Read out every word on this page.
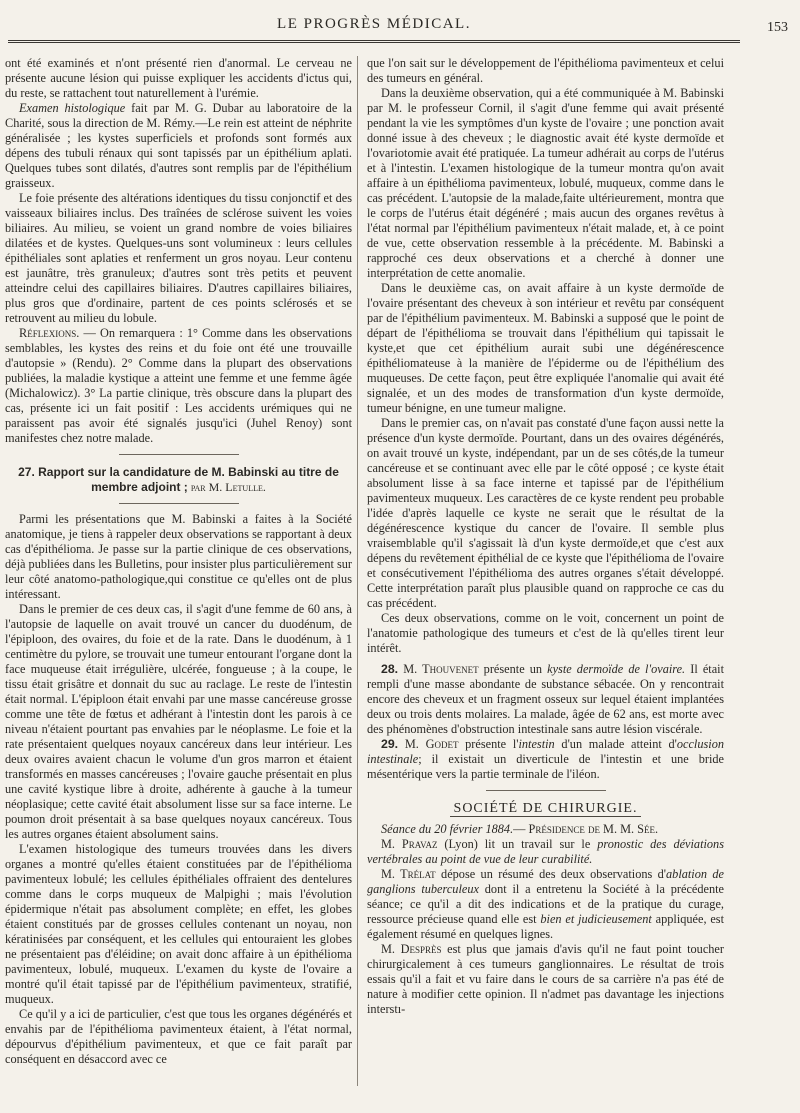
LE PROGRÈS MÉDICAL.	153

ont été examinés et n'ont présenté rien d'anormal. Le cerveau ne présente aucune lésion qui puisse expliquer les accidents d'ictus qui, du reste, se rattachent tout naturellement à l'urémie.

Examen histologique fait par M. G. Dubar au laboratoire de la Charité, sous la direction de M. Rémy.—Le rein est atteint de néphrite généralisée ; les kystes superficiels et profonds sont formés aux dépens des tubuli rénaux qui sont tapissés par un épithélium aplati. Quelques tubes sont dilatés, d'autres sont remplis par de l'épithélium graisseux.

Le foie présente des altérations identiques du tissu conjonctif et des vaisseaux biliaires inclus. Des traînées de sclérose suivent les voies biliaires. Au milieu, se voient un grand nombre de voies biliaires dilatées et de kystes. Quelques-uns sont volumineux : leurs cellules épithéliales sont aplaties et renferment un gros noyau. Leur contenu est jaunâtre, très granuleux; d'autres sont très petits et peuvent atteindre celui des capillaires biliaires. D'autres capillaires biliaires, plus gros que d'ordinaire, partent de ces points sclérosés et se retrouvent au milieu du lobule.

Réflexions. — On remarquera : 1° Comme dans les observations semblables, les kystes des reins et du foie ont été une trouvaille d'autopsie » (Rendu). 2° Comme dans la plupart des observations publiées, la maladie kystique a atteint une femme et une femme âgée (Michalowicz). 3° La partie clinique, très obscure dans la plupart des cas, présente ici un fait positif : Les accidents urémiques qui ne paraissent pas avoir été signalés jusqu'ici (Juhel Renoy) sont manifestes chez notre malade.

27. Rapport sur la candidature de M. Babinski au titre de membre adjoint ; par M. Letulle.

Parmi les présentations que M. Babinski a faites à la Société anatomique, je tiens à rappeler deux observations se rapportant à deux cas d'épithélioma. Je passe sur la partie clinique de ces observations, déjà publiées dans les Bulletins, pour insister plus particulièrement sur leur côté anatomo-pathologique,qui constitue ce qu'elles ont de plus intéressant.

Dans le premier de ces deux cas, il s'agit d'une femme de 60 ans, à l'autopsie de laquelle on avait trouvé un cancer du duodénum, de l'épiploon, des ovaires, du foie et de la rate. Dans le duodénum, à 1 centimètre du pylore, se trouvait une tumeur entourant l'organe dont la face muqueuse était irrégulière, ulcérée, fongueuse ; à la coupe, le tissu était grisâtre et donnait du suc au raclage. Le reste de l'intestin était normal. L'épiploon était envahi par une masse cancéreuse grosse comme une tête de fœtus et adhérant à l'intestin dont les parois à ce niveau n'étaient pourtant pas envahies par le néoplasme. Le foie et la rate présentaient quelques noyaux cancéreux dans leur intérieur. Les deux ovaires avaient chacun le volume d'un gros marron et étaient transformés en masses cancéreuses ; l'ovaire gauche présentait en plus une cavité kystique libre à droite, adhérente à gauche à la tumeur néoplasique; cette cavité était absolument lisse sur sa face interne. Le poumon droit présentait à sa base quelques noyaux cancéreux. Tous les autres organes étaient absolument sains.

L'examen histologique des tumeurs trouvées dans les divers organes a montré qu'elles étaient constituées par de l'épithélioma pavimenteux lobulé; les cellules épithéliales offraient des dentelures comme dans le corps muqueux de Malpighi ; mais l'évolution épidermique n'était pas absolument complète; en effet, les globes étaient constitués par de grosses cellules contenant un noyau, non kératinisées par conséquent, et les cellules qui entouraient les globes ne présentaient pas d'éléidine; on avait donc affaire à un épithélioma pavimenteux, lobulé, muqueux. L'examen du kyste de l'ovaire a montré qu'il était tapissé par de l'épithélium pavimenteux, stratifié, muqueux.

Ce qu'il y a ici de particulier, c'est que tous les organes dégénérés et envahis par de l'épithélioma pavimenteux étaient, à l'état normal, dépourvus d'épithélium pavimenteux, et que ce fait paraît par conséquent en désaccord avec ce

que l'on sait sur le développement de l'épithélioma pavimenteux et celui des tumeurs en général.

Dans la deuxième observation, qui a été communiquée à M. Babinski par M. le professeur Cornil, il s'agit d'une femme qui avait présenté pendant la vie les symptômes d'un kyste de l'ovaire ; une ponction avait donné issue à des cheveux ; le diagnostic avait été kyste dermoïde et l'ovariotomie avait été pratiquée. La tumeur adhérait au corps de l'utérus et à l'intestin. L'examen histologique de la tumeur montra qu'on avait affaire à un épithélioma pavimenteux, lobulé, muqueux, comme dans le cas précédent. L'autopsie de la malade,faite ultérieurement, montra que le corps de l'utérus était dégénéré ; mais aucun des organes revêtus à l'état normal par l'épithélium pavimenteux n'était malade, et, à ce point de vue, cette observation ressemble à la précédente. M. Babinski a rapproché ces deux observations et a cherché à donner une interprétation de cette anomalie.

Dans le deuxième cas, on avait affaire à un kyste dermoïde de l'ovaire présentant des cheveux à son intérieur et revêtu par conséquent par de l'épithélium pavimenteux. M. Babinski a supposé que le point de départ de l'épithélioma se trouvait dans l'épithélium qui tapissait le kyste,et que cet épithélium aurait subi une dégénérescence épithéliomateuse à la manière de l'épiderme ou de l'épithélium des muqueuses. De cette façon, peut être expliquée l'anomalie qui avait été signalée, et un des modes de transformation d'un kyste dermoïde, tumeur bénigne, en une tumeur maligne.

Dans le premier cas, on n'avait pas constaté d'une façon aussi nette la présence d'un kyste dermoïde. Pourtant, dans un des ovaires dégénérés, on avait trouvé un kyste, indépendant, par un de ses côtés,de la tumeur cancéreuse et se continuant avec elle par le côté opposé ; ce kyste était absolument lisse à sa face interne et tapissé par de l'épithélium pavimenteux muqueux. Les caractères de ce kyste rendent peu probable l'idée d'après laquelle ce kyste ne serait que le résultat de la dégénérescence kystique du cancer de l'ovaire. Il semble plus vraisemblable qu'il s'agissait là d'un kyste dermoïde,et que c'est aux dépens du revêtement épithélial de ce kyste que l'épithélioma de l'ovaire et consécutivement l'épithélioma des autres organes s'était développé. Cette interprétation paraît plus plausible quand on rapproche ce cas du cas précédent.

Ces deux observations, comme on le voit, concernent un point de l'anatomie pathologique des tumeurs et c'est de là qu'elles tirent leur intérêt.

28. M. Thouvenet présente un kyste dermoïde de l'ovaire. Il était rempli d'une masse abondante de substance sébacée. On y rencontrait encore des cheveux et un fragment osseux sur lequel étaient implantées deux ou trois dents molaires. La malade, âgée de 62 ans, est morte avec des phénomènes d'obstruction intestinale sans autre lésion viscérale.

29. M. Godet présente l'intestin d'un malade atteint d'occlusion intestinale; il existait un diverticule de l'intestin et une bride mésentérique vers la partie terminale de l'iléon.

SOCIÉTÉ DE CHIRURGIE.

Séance du 20 février 1884.— Présidence de M. M. Sée.

M. Pravaz (Lyon) lit un travail sur le pronostic des déviations vertébrales au point de vue de leur curabilité.

M. Trélat dépose un résumé des deux observations d'ablation de ganglions tuberculeux dont il a entretenu la Société à la précédente séance; ce qu'il a dit des indications et de la pratique du curage, ressource précieuse quand elle est bien et judicieusement appliquée, est également résumé en quelques lignes.

M. Desprès est plus que jamais d'avis qu'il ne faut point toucher chirurgicalement à ces tumeurs ganglionnaires. Le résultat de trois essais qu'il a fait et vu faire dans le cours de sa carrière n'a pas été de nature à modifier cette opinion. Il n'admet pas davantage les injections interstı-
